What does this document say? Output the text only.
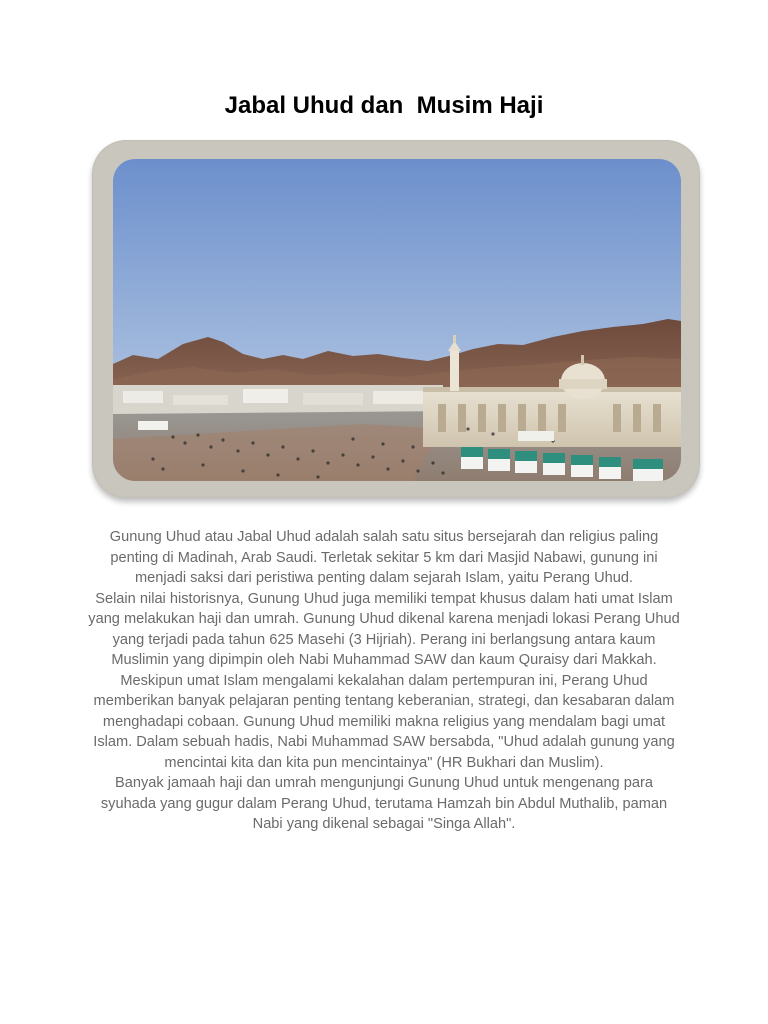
Jabal Uhud dan  Musim Haji

Gunung Uhud atau Jabal Uhud adalah salah satu situs bersejarah dan religius paling penting di Madinah, Arab Saudi. Terletak sekitar 5 km dari Masjid Nabawi, gunung ini menjadi saksi dari peristiwa penting dalam sejarah Islam, yaitu Perang Uhud.

Selain nilai historisnya, Gunung Uhud juga memiliki tempat khusus dalam hati umat Islam yang melakukan haji dan umrah. Gunung Uhud dikenal karena menjadi lokasi Perang Uhud yang terjadi pada tahun 625 Masehi (3 Hijriah). Perang ini berlangsung antara kaum Muslimin yang dipimpin oleh Nabi Muhammad SAW dan kaum Quraisy dari Makkah.

Meskipun umat Islam mengalami kekalahan dalam pertempuran ini, Perang Uhud memberikan banyak pelajaran penting tentang keberanian, strategi, dan kesabaran dalam menghadapi cobaan. Gunung Uhud memiliki makna religius yang mendalam bagi umat Islam. Dalam sebuah hadis, Nabi Muhammad SAW bersabda, "Uhud adalah gunung yang mencintai kita dan kita pun mencintainya" (HR Bukhari dan Muslim).

Banyak jamaah haji dan umrah mengunjungi Gunung Uhud untuk mengenang para syuhada yang gugur dalam Perang Uhud, terutama Hamzah bin Abdul Muthalib, paman Nabi yang dikenal sebagai "Singa Allah".
